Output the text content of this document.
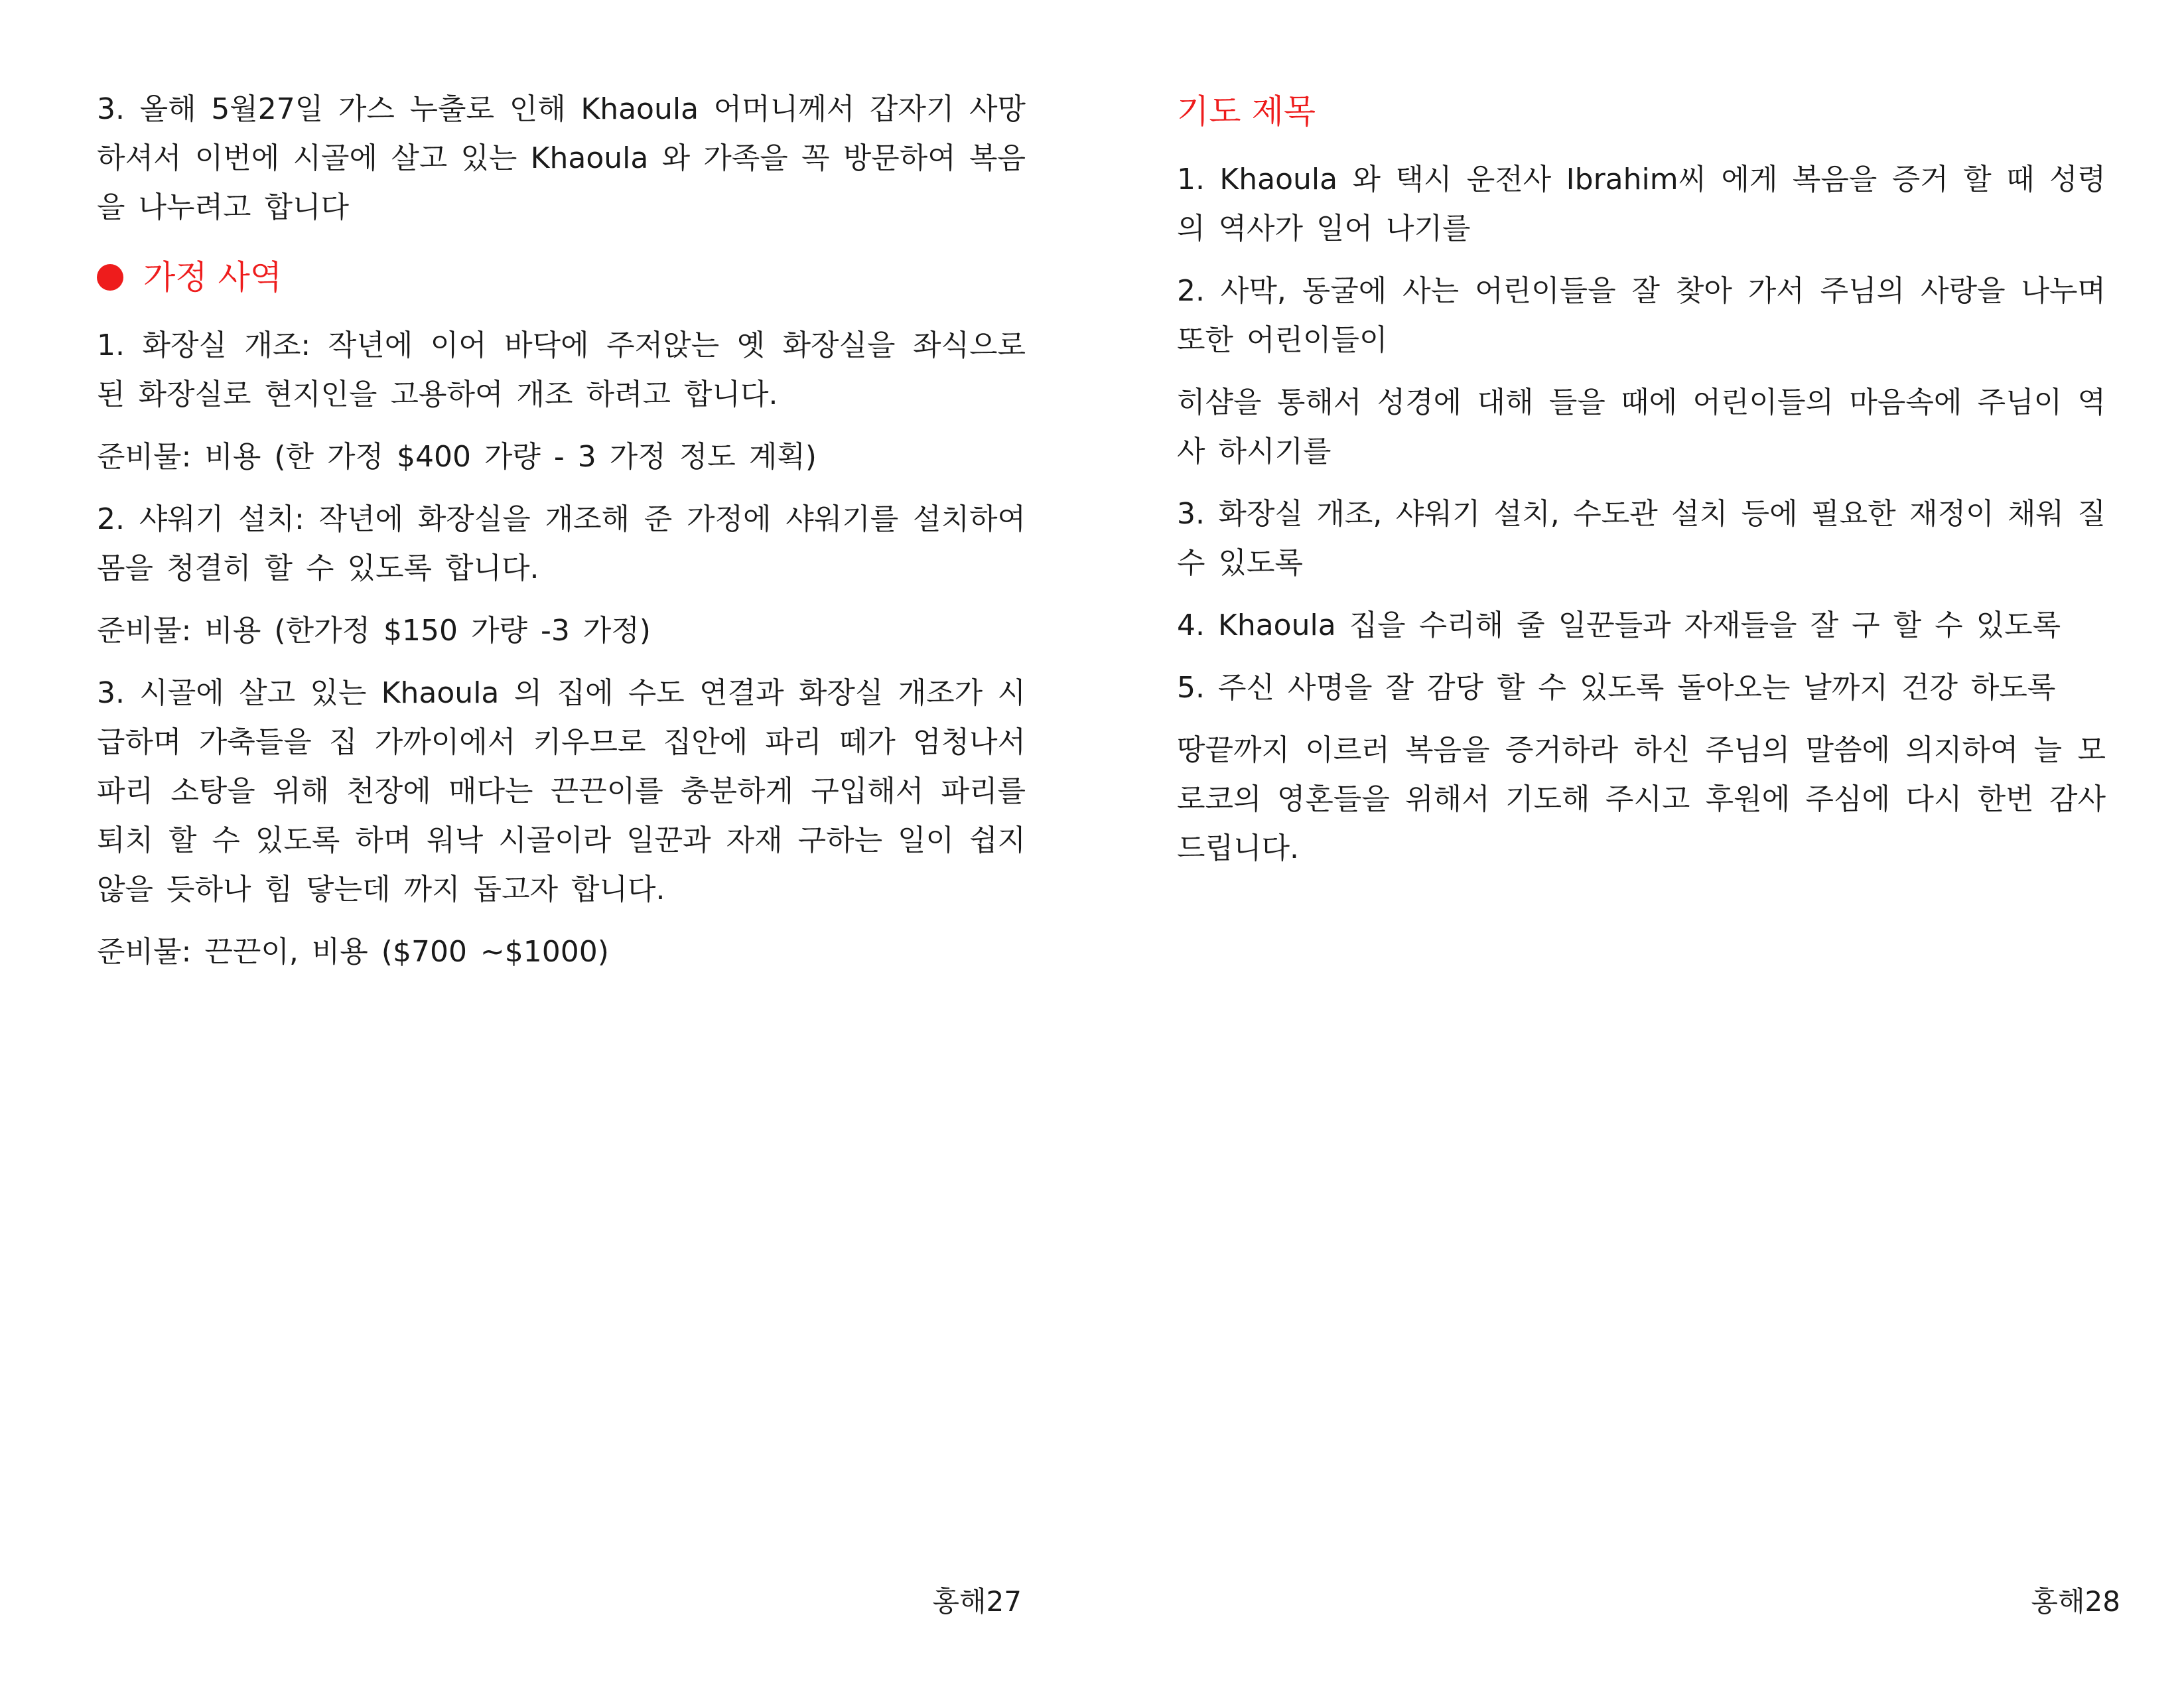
3. 올해 5월27일 가스 누출로 인해 Khaoula 어머니께서 갑자기 사망하셔서 이번에 시골에 살고 있는 Khaoula 와 가족을 꼭 방문하여 복음을 나누려고 합니다

가정 사역

1. 화장실 개조: 작년에 이어 바닥에 주저앉는 옛 화장실을 좌식으로 된 화장실로 현지인을 고용하여 개조 하려고 합니다.

준비물: 비용 (한 가정 $400 가량 - 3 가정 정도 계획)

2. 샤워기 설치: 작년에 화장실을 개조해 준 가정에 샤워기를 설치하여 몸을 청결히 할 수 있도록 합니다.

준비물: 비용 (한가정 $150 가량 -3 가정)

3. 시골에 살고 있는 Khaoula 의 집에 수도 연결과 화장실 개조가 시급하며 가축들을 집 가까이에서 키우므로 집안에 파리 떼가 엄청나서 파리 소탕을 위해 천장에 매다는 끈끈이를 충분하게 구입해서 파리를 퇴치 할 수 있도록 하며 워낙 시골이라 일꾼과 자재 구하는 일이 쉽지 않을 듯하나 힘 닿는데 까지 돕고자 합니다.

준비물: 끈끈이, 비용 ($700 ~$1000)

홍해27
기도 제목

1. Khaoula 와 택시 운전사 Ibrahim씨 에게 복음을 증거 할 때 성령의 역사가 일어 나기를

2. 사막, 동굴에 사는 어린이들을 잘 찾아 가서 주님의 사랑을 나누며 또한 어린이들이

히샴을 통해서 성경에 대해 들을 때에 어린이들의 마음속에 주님이 역사 하시기를

3. 화장실 개조, 샤워기 설치, 수도관 설치 등에 필요한 재정이 채워 질 수 있도록

4. Khaoula 집을 수리해 줄 일꾼들과 자재들을 잘 구 할 수 있도록

5. 주신 사명을 잘 감당 할 수 있도록 돌아오는 날까지 건강 하도록

땅끝까지 이르러 복음을 증거하라 하신 주님의 말씀에 의지하여 늘 모로코의 영혼들을 위해서 기도해 주시고 후원에 주심에 다시 한번 감사드립니다.

홍해28
